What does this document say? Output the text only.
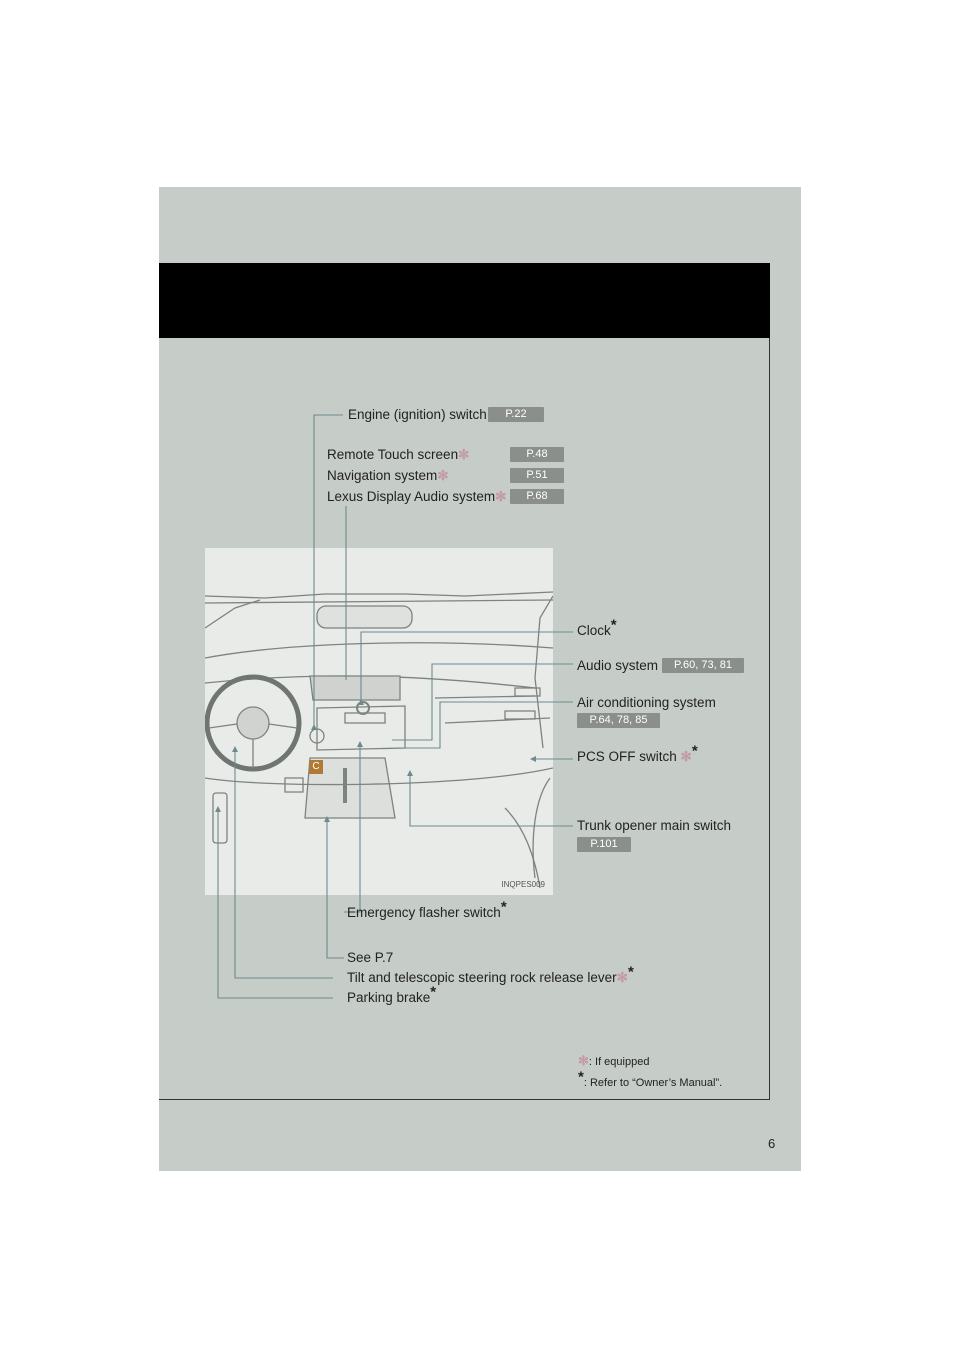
C
INQPES009
Engine (ignition) switch	P.22
Remote Touch screen✻	P.48
Navigation system✻	P.51
Lexus Display Audio system✻	P.68
Clock*
Audio system	P.60, 73, 81
Air conditioning system
P.64, 78, 85
PCS OFF switch ✻*
Trunk opener main switch
P.101
Emergency flasher switch*
See P.7
Tilt and telescopic steering rock release lever✻*
Parking brake*
✻: If equipped
*: Refer to “Owner’s Manual”.
6
